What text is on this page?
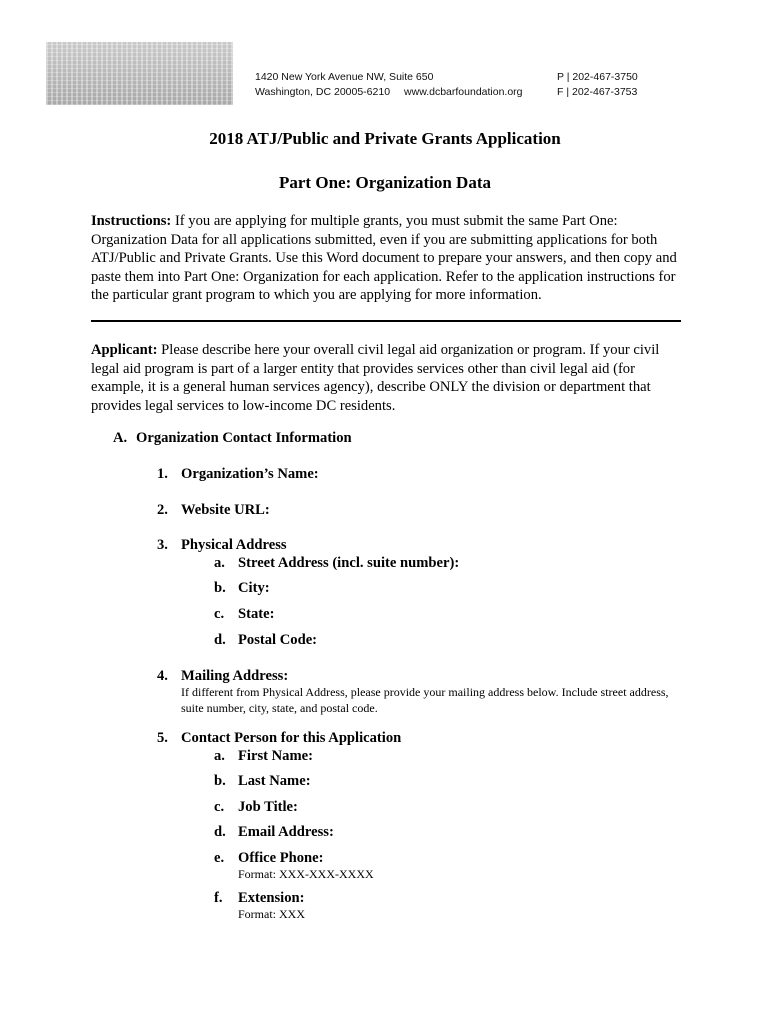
1420 New York Avenue NW, Suite 650
Washington, DC 20005-6210 www.dcbarfoundation.org
P | 202-467-3750
F | 202-467-3753
2018 ATJ/Public and Private Grants Application
Part One: Organization Data
Instructions: If you are applying for multiple grants, you must submit the same Part One: Organization Data for all applications submitted, even if you are submitting applications for both ATJ/Public and Private Grants. Use this Word document to prepare your answers, and then copy and paste them into Part One: Organization for each application. Refer to the application instructions for the particular grant program to which you are applying for more information.
Applicant: Please describe here your overall civil legal aid organization or program. If your civil legal aid program is part of a larger entity that provides services other than civil legal aid (for example, it is a general human services agency), describe ONLY the division or department that provides legal services to low-income DC residents.
A. Organization Contact Information
1. Organization’s Name:
2. Website URL:
3. Physical Address
a. Street Address (incl. suite number):
b. City:
c. State:
d. Postal Code:
4. Mailing Address:
If different from Physical Address, please provide your mailing address below. Include street address, suite number, city, state, and postal code.
5. Contact Person for this Application
a. First Name:
b. Last Name:
c. Job Title:
d. Email Address:
e. Office Phone:
Format: XXX-XXX-XXXX
f. Extension:
Format: XXX
